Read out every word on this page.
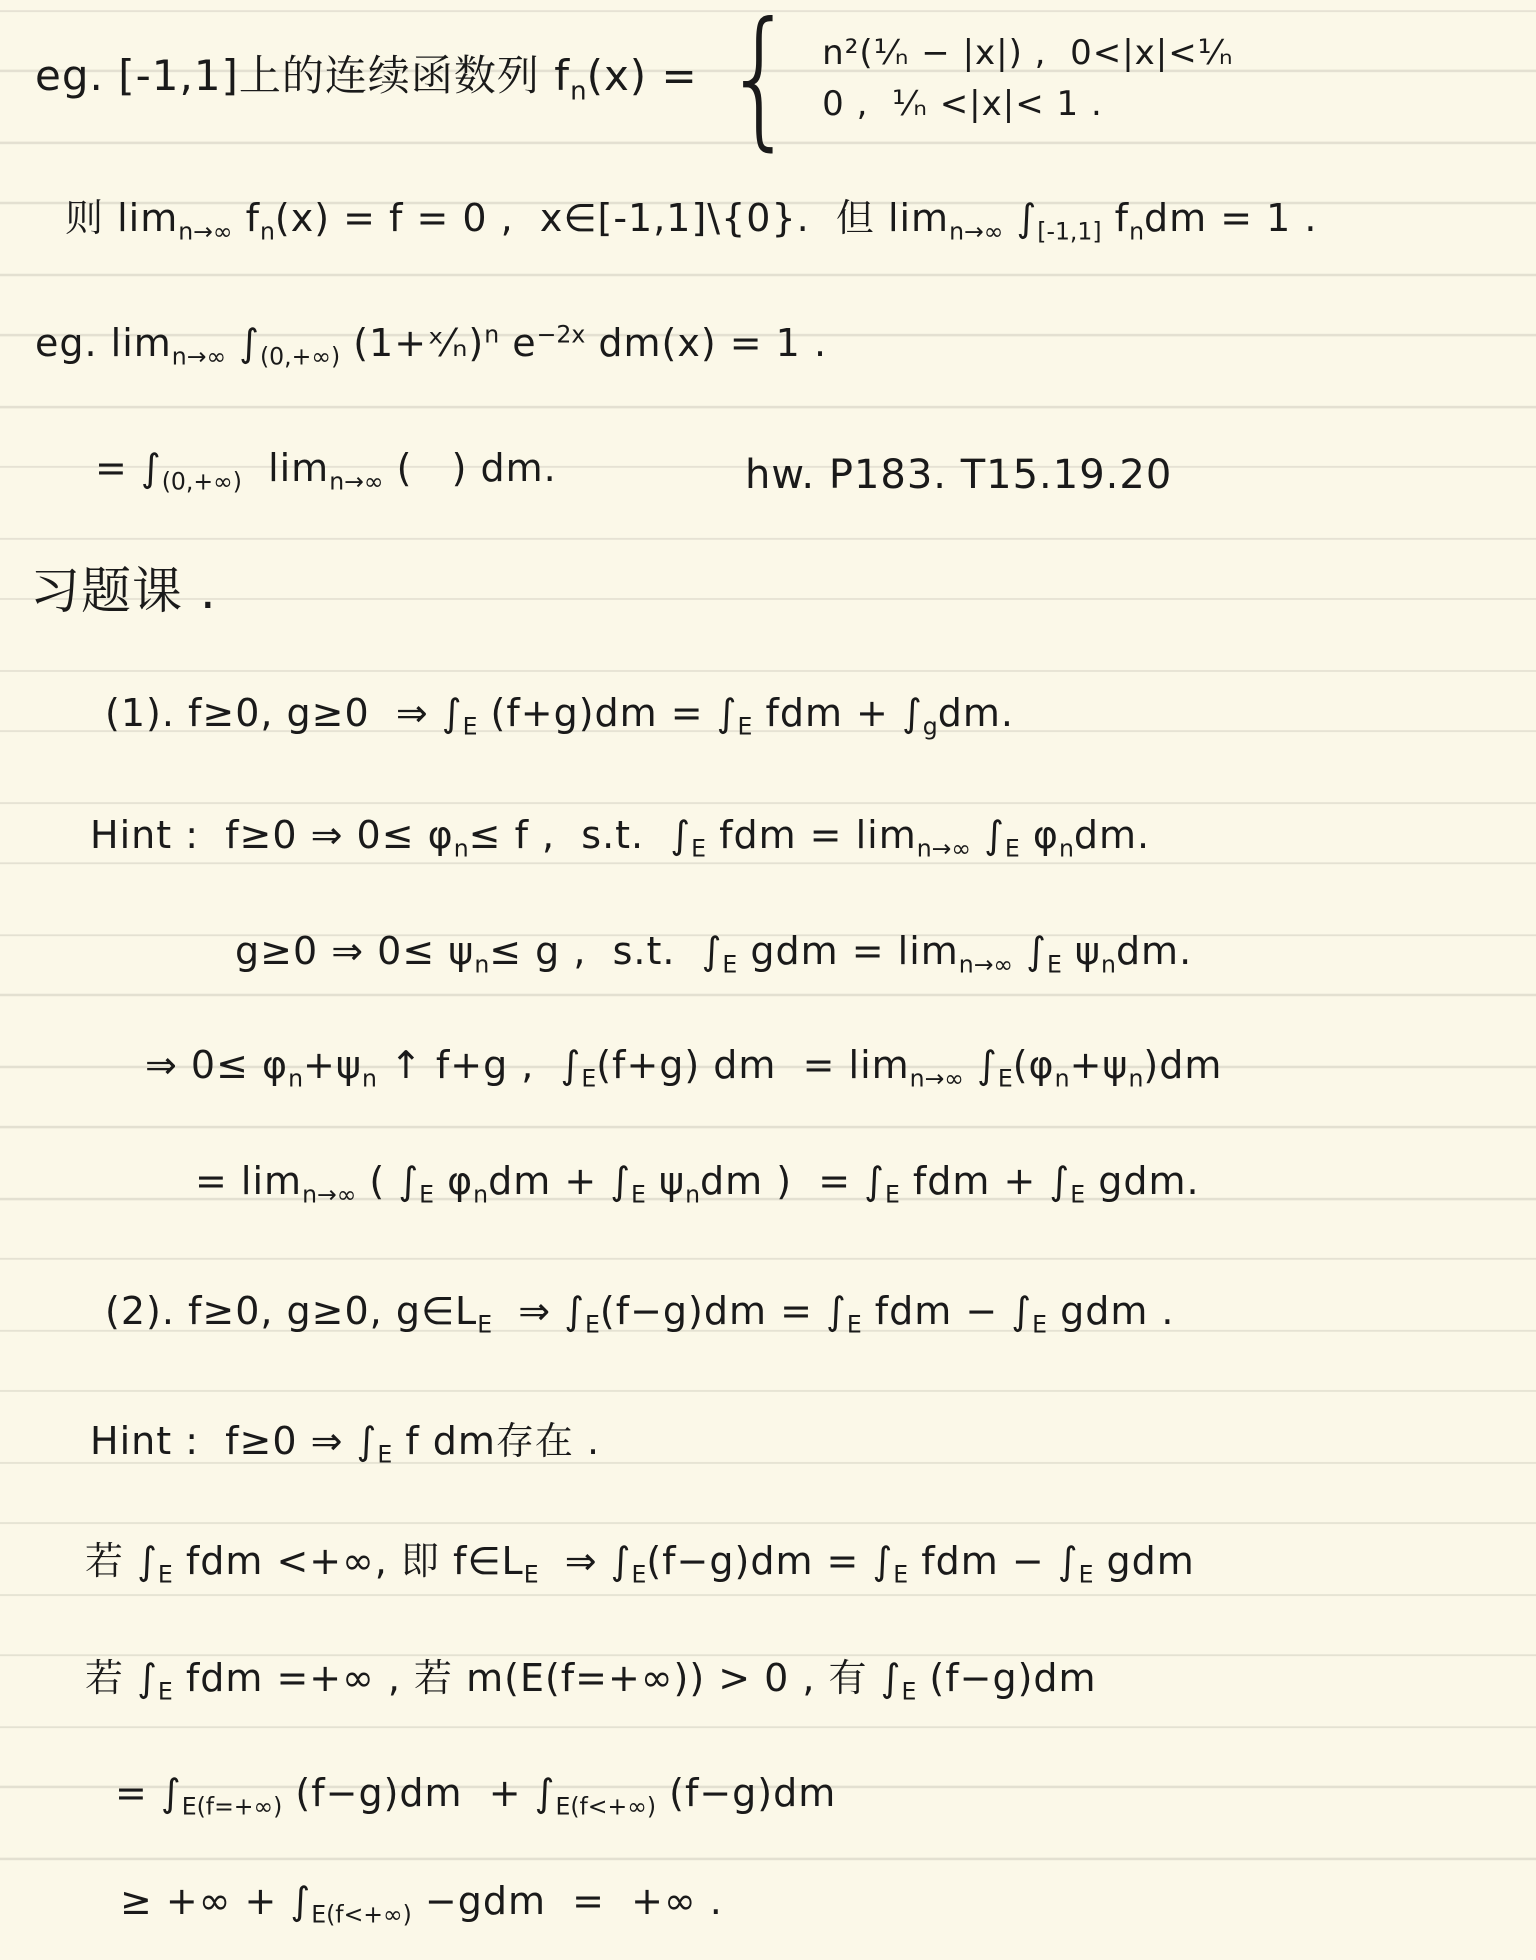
eg. [-1,1]上的连续函数列 $f_n(x)$ = { n²(¹⁄ₙ − |x|) ,  0<|x|<¹⁄ₙ
0 ,  ¹⁄ₙ <|x|< 1 .
则 $\lim_{n\to\infty} f_n(x) = f = 0$ ,  x∈[-1,1]\{0}.  但 $\lim_{n\to\infty} \int_{[-1,1]}$ $f_ndm = 1$ .
eg. $\lim_{n\to\infty} \int_{(0,+\infty)}$ (1+ˣ⁄ₙ)$^n$ $e^{-2x}$ dm(x) = 1 .
= $\int_{(0,+\infty)}$  $\lim_{n\to\infty}$ (   ) dm.	hw. P183. T15.19.20
习题课 .
(1). f≥0, g≥0  ⇒ $\int_E$ $(f+g)dm = \int_E$ fdm + $\int_gdm$.
Hint :  f≥0 ⇒ $0\le \varphi_n\le f$ ,  s.t.  $\int_E$ fdm = $\lim_{n\to\infty} \int_E$ $\varphi_ndm$.
g≥0 ⇒ $0\le \psi_n\le g$ ,  s.t.  $\int_E$ gdm = $\lim_{n\to\infty} \int_E$ $\psi_ndm$.
⇒ $0\le \varphi_n+\psi_n$ ↑ f+g ,  $\int_E(f+g)$ dm  = $\lim_{n\to\infty} \int_E(\varphi_n+\psi_n)dm$
= $\lim_{n\to\infty}$ ( $\int_E$ $\varphi_ndm + \int_E$ $\psi_ndm$ )  = $\int_E$ fdm + $\int_E$ gdm.
(2). f≥0, g≥0, $g\in L_E$  ⇒ $\int_E(f-g)dm = \int_E$ fdm − $\int_E$ gdm .
Hint :  f≥0 ⇒ $\int_E$ f dm存在 .
若 $\int_E$ fdm <+∞, 即 $f\in L_E$  ⇒ $\int_E(f-g)dm = \int_E$ fdm − $\int_E$ gdm
若 $\int_E$ fdm =+∞ , 若 m(E(f=+∞)) > 0 , 有 $\int_E$ (f−g)dm
= $\int_{E(f=+\infty)}$ $(f-g)dm + \int_{E(f<+\infty)}$ (f−g)dm
≥ +∞ + $\int_{E(f<+\infty)} -gdm$  =  +∞ .
